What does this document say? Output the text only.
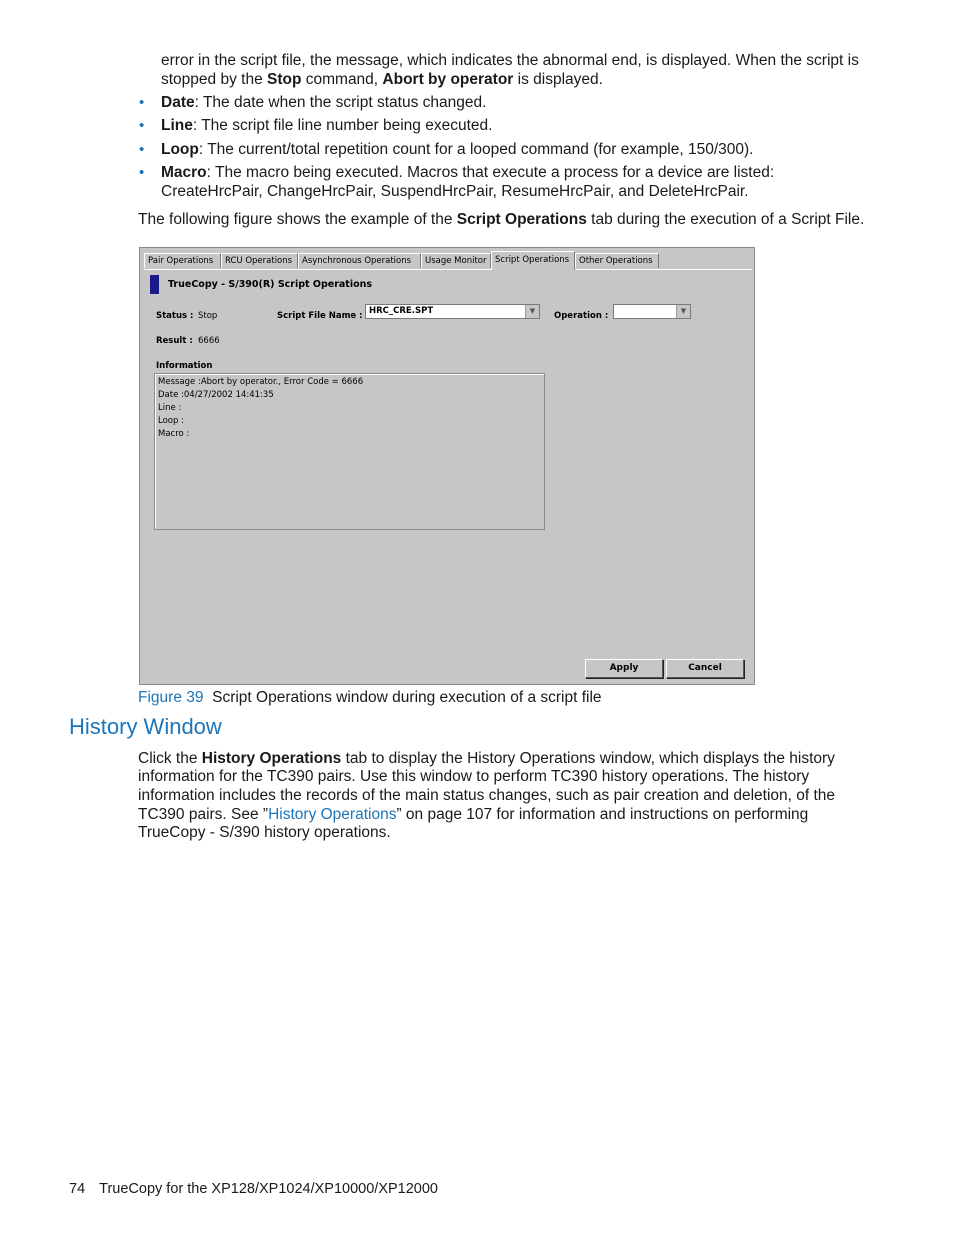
error in the script file, the message, which indicates the abnormal end, is displayed. When the script is

stopped by the Stop command, Abort by operator is displayed.

• Date: The date when the script status changed.

• Line: The script file line number being executed.

• Loop: The current/total repetition count for a looped command (for example, 150/300).

• Macro: The macro being executed. Macros that execute a process for a device are listed:

CreateHrcPair, ChangeHrcPair, SuspendHrcPair, ResumeHrcPair, and DeleteHrcPair.

The following figure shows the example of the Script Operations tab during the execution of a Script File.

Pair Operations	RCU Operations	Asynchronous Operations	Usage Monitor	Script Operations	Other Operations
TrueCopy - S/390(R) Script Operations
Status : Stop	Script File Name : HRC_CRE.SPT	▼	Operation :	▼
Result : 6666
Information
Message :Abort by operator., Error Code = 6666
Date :04/27/2002 14:41:35
Line :
Loop :
Macro :
Apply	Cancel

Figure 39 Script Operations window during execution of a script file

History Window

Click the History Operations tab to display the History Operations window, which displays the history

information for the TC390 pairs. Use this window to perform TC390 history operations. The history

information includes the records of the main status changes, such as pair creation and deletion, of the

TC390 pairs. See ”History Operations” on page 107 for information and instructions on performing

TrueCopy - S/390 history operations.

74 TrueCopy for the XP128/XP1024/XP10000/XP12000
